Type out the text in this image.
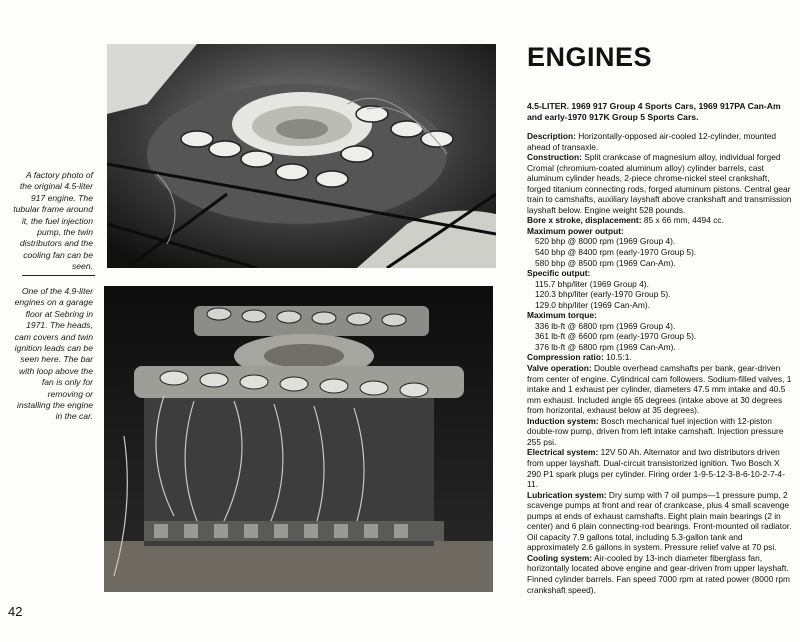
A factory photo of the original 4.5-liter 917 engine. The tubular frame around it, the fuel injection pump, the twin distributors and the cooling fan can be seen.
One of the 4.9-liter engines on a garage floor at Sebring in 1971. The heads, cam covers and twin ignition leads can be seen here. The bar with loop above the fan is only for removing or installing the engine in the car.
42
ENGINES
4.5-LITER. 1969 917 Group 4 Sports Cars, 1969 917PA Can-Am and early-1970 917K Group 5 Sports Cars.
Description: Horizontally-opposed air-cooled 12-cylinder, mounted ahead of transaxle.
Construction: Split crankcase of magnesium alloy, individual forged Cromal (chromium-coated aluminum alloy) cylinder barrels, cast aluminum cylinder heads, 2-piece chrome-nickel steel crankshaft, forged titanium connecting rods, forged aluminum pistons. Central gear train to camshafts, auxiliary layshaft above crankshaft and transmission layshaft below. Engine weight 528 pounds.
Bore x stroke, displacement: 85 x 66 mm, 4494 cc.
Maximum power output:
520 bhp @ 8000 rpm (1969 Group 4).
540 bhp @ 8400 rpm (early-1970 Group 5).
580 bhp @ 8500 rpm (1969 Can-Am).
Specific output:
115.7 bhp/liter (1969 Group 4).
120.3 bhp/liter (early-1970 Group 5).
129.0 bhp/liter (1969 Can-Am).
Maximum torque:
336 lb-ft @ 6800 rpm (1969 Group 4).
361 lb-ft @ 6600 rpm (early-1970 Group 5).
376 lb-ft @ 6800 rpm (1969 Can-Am).
Compression ratio: 10.5:1.
Valve operation: Double overhead camshafts per bank, gear-driven from center of engine. Cylindrical cam followers. Sodium-filled valves, 1 intake and 1 exhaust per cylinder, diameters 47.5 mm intake and 40.5 mm exhaust. Included angle 65 degrees (intake above at 30 degrees from horizontal, exhaust below at 35 degrees).
Induction system: Bosch mechanical fuel injection with 12-piston double-row pump, driven from left intake camshaft. Injection pressure 255 psi.
Electrical system: 12V 50 Ah. Alternator and two distributors driven from upper layshaft. Dual-circuit transistorized ignition. Two Bosch X 290 P1 spark plugs per cylinder. Firing order 1-9-5-12-3-8-6-10-2-7-4-11.
Lubrication system: Dry sump with 7 oil pumps—1 pressure pump, 2 scavenge pumps at front and rear of crankcase, plus 4 small scavenge pumps at ends of exhaust camshafts. Eight plain main bearings (2 in center) and 6 plain connecting-rod bearings. Front-mounted oil radiator. Oil capacity 7.9 gallons total, including 5.3-gallon tank and approximately 2.6 gallons in system. Pressure relief valve at 70 psi.
Cooling system: Air-cooled by 13-inch diameter fiberglass fan, horizontally located above engine and gear-driven from upper layshaft. Finned cylinder barrels. Fan speed 7000 rpm at rated power (8000 rpm crankshaft speed).
